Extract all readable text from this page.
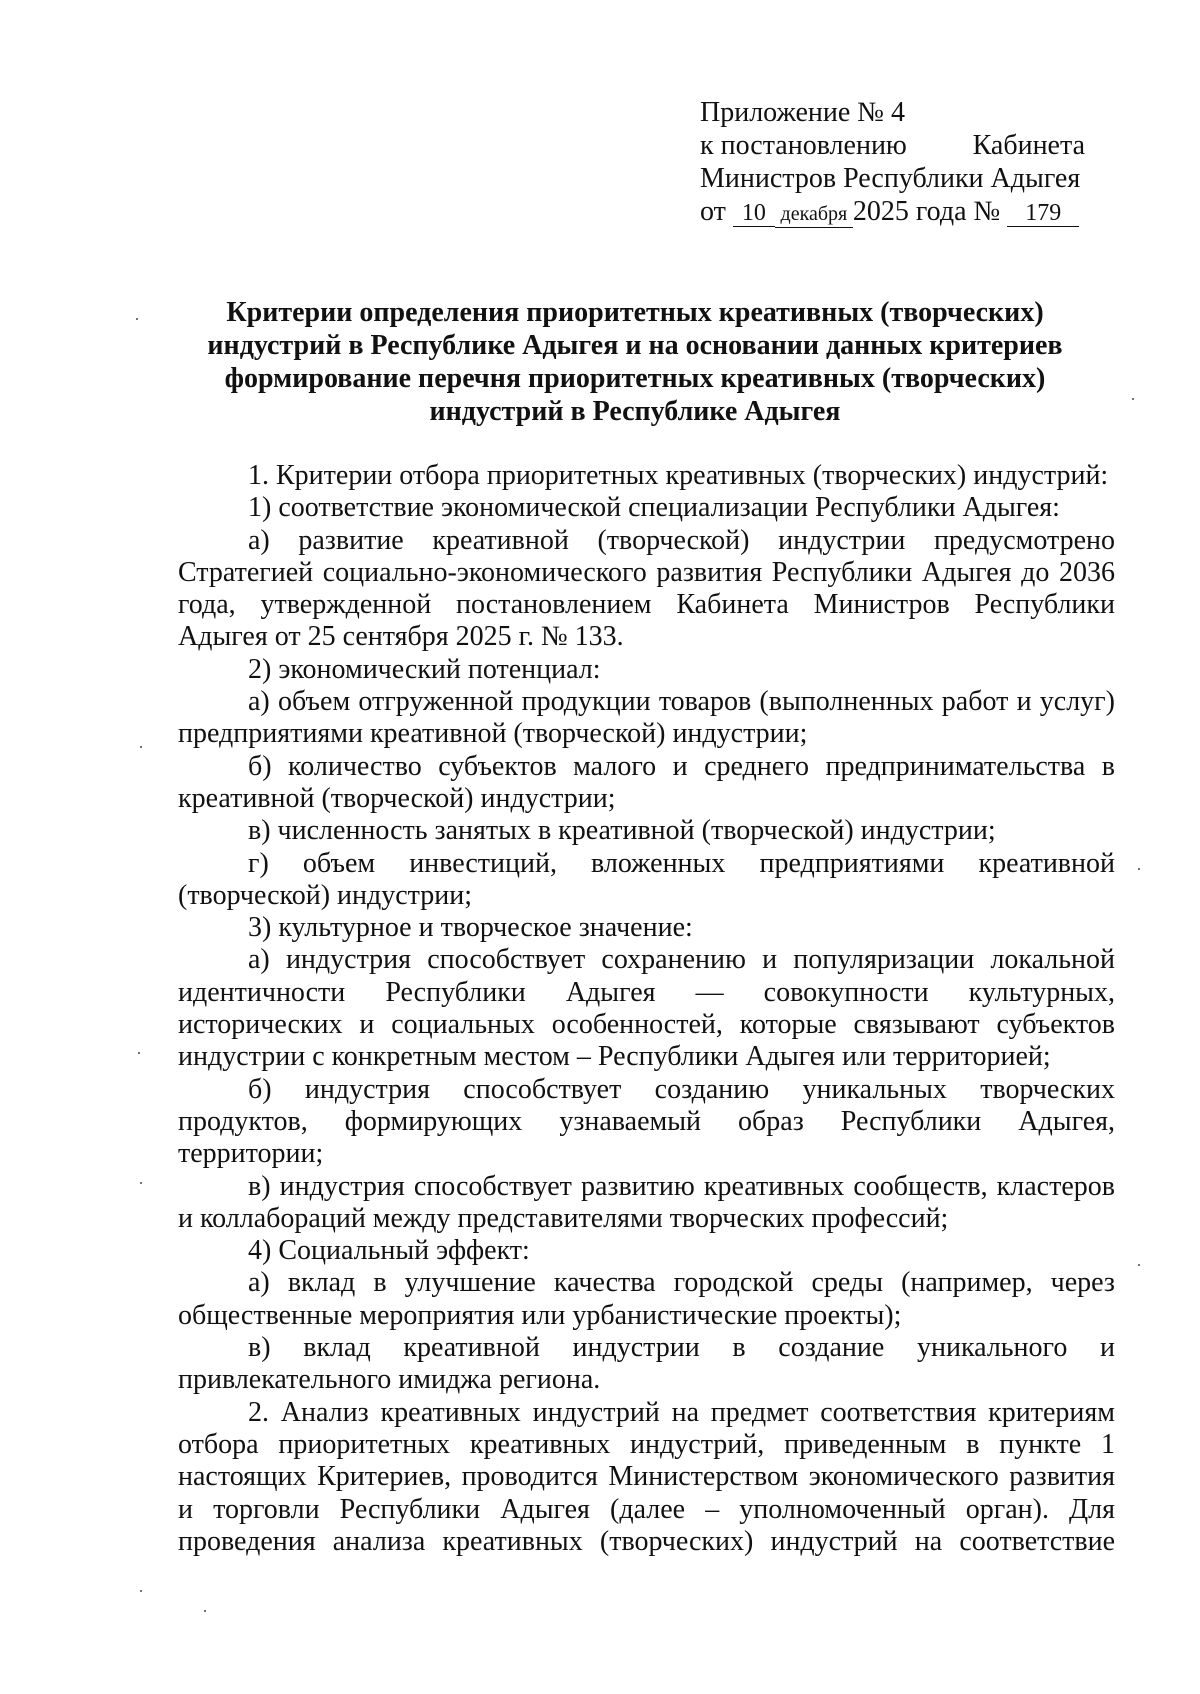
Приложение № 4
к постановлению Кабинета
Министров Республики Адыгея
от 10 декабря 2025 года № 179
Критерии определения приоритетных креативных (творческих)
индустрий в Республике Адыгея и на основании данных критериев
формирование перечня приоритетных креативных (творческих)
индустрий в Республике Адыгея

1. Критерии отбора приоритетных креативных (творческих) индустрий:

1) соответствие экономической специализации Республики Адыгея:

а) развитие креативной (творческой) индустрии предусмотрено Стратегией социально-экономического развития Республики Адыгея до 2036 года, утвержденной постановлением Кабинета Министров Республики Адыгея от 25 сентября 2025 г. № 133.

2) экономический потенциал:

а) объем отгруженной продукции товаров (выполненных работ и услуг) предприятиями креативной (творческой) индустрии;

б) количество субъектов малого и среднего предпринимательства в креативной (творческой) индустрии;

в) численность занятых в креативной (творческой) индустрии;

г) объем инвестиций, вложенных предприятиями креативной (творческой) индустрии;

3) культурное и творческое значение:

а) индустрия способствует сохранению и популяризации локальной идентичности Республики Адыгея — совокупности культурных, исторических и социальных особенностей, которые связывают субъектов индустрии с конкретным местом – Республики Адыгея или территорией;

б) индустрия способствует созданию уникальных творческих продуктов, формирующих узнаваемый образ Республики Адыгея, территории;

в) индустрия способствует развитию креативных сообществ, кластеров и коллабораций между представителями творческих профессий;

4) Социальный эффект:

а) вклад в улучшение качества городской среды (например, через общественные мероприятия или урбанистические проекты);

в) вклад креативной индустрии в создание уникального и привлекательного имиджа региона.

2. Анализ креативных индустрий на предмет соответствия критериям отбора приоритетных креативных индустрий, приведенным в пункте 1 настоящих Критериев, проводится Министерством экономического развития и торговли Республики Адыгея (далее – уполномоченный орган). Для проведения анализа креативных (творческих) индустрий на соответствие
